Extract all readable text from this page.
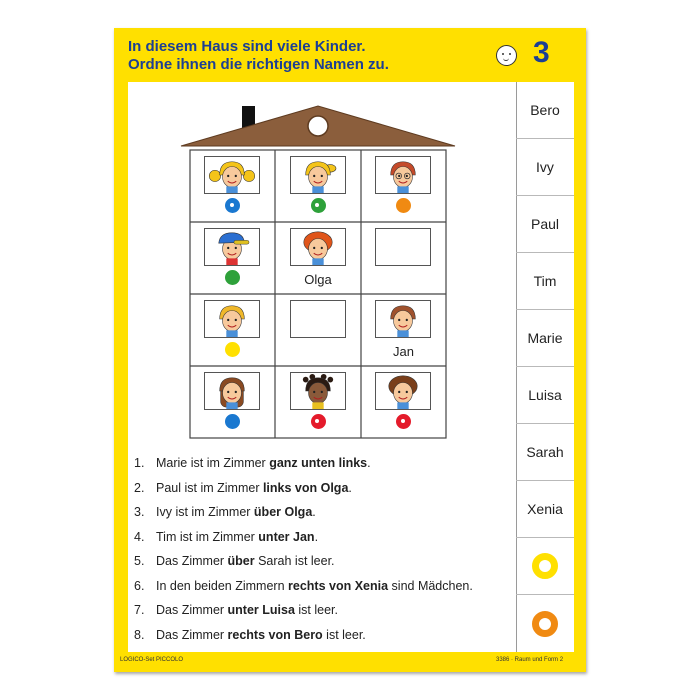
In diesem Haus sind viele Kinder.
Ordne ihnen die richtigen Namen zu.	3
Olga
Jan
1. Marie ist im Zimmer ganz unten links.
2. Paul ist im Zimmer links von Olga.
3. Ivy ist im Zimmer über Olga.
4. Tim ist im Zimmer unter Jan.
5. Das Zimmer über Sarah ist leer.
6. In den beiden Zimmern rechts von Xenia sind Mädchen.
7. Das Zimmer unter Luisa ist leer.
8. Das Zimmer rechts von Bero ist leer.
Bero
Ivy
Paul
Tim
Marie
Luisa
Sarah
Xenia
LOGICO-Set PICCOLO	3386 · Raum und Form 2
